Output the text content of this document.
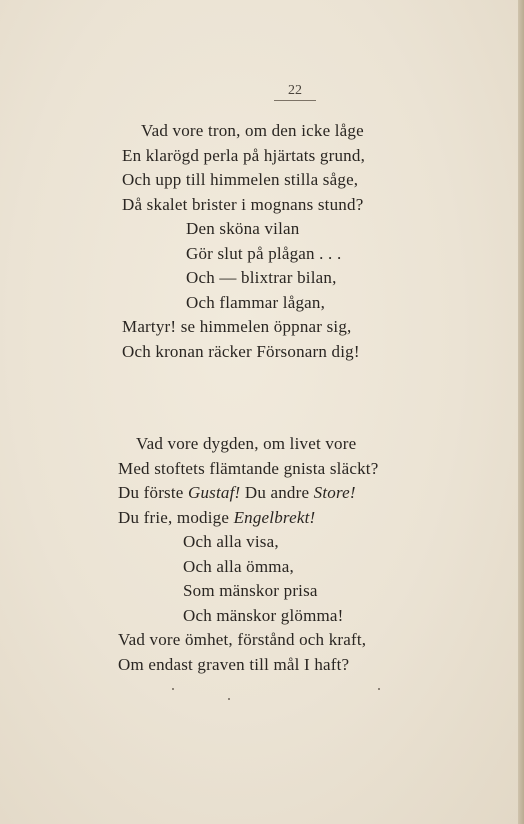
22
Vad vore tron, om den icke låge
En klarögd perla på hjärtats grund,
Och upp till himmelen stilla såge,
Då skalet brister i mognans stund?
Den sköna vilan
Gör slut på plågan . . .
Och — blixtrar bilan,
Och flammar lågan,
Martyr! se himmelen öppnar sig,
Och kronan räcker Försonarn dig!
Vad vore dygden, om livet vore
Med stoftets flämtande gnista släckt?
Du förste Gustaf! Du andre Store!
Du frie, modige Engelbrekt!
Och alla visa,
Och alla ömma,
Som mänskor prisa
Och mänskor glömma!
Vad vore ömhet, förstånd och kraft,
Om endast graven till mål I haft?
